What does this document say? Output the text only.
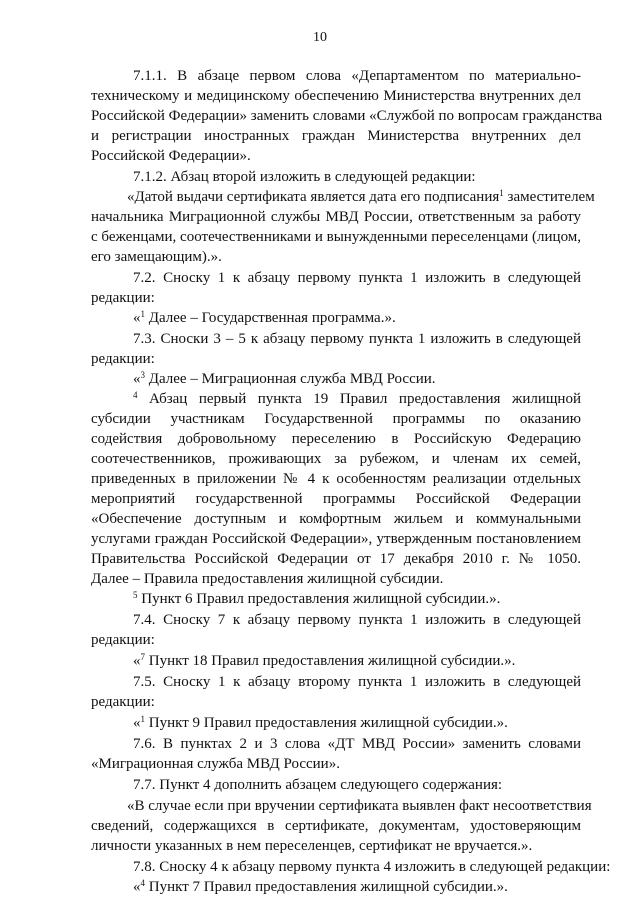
10
7.1.1. В абзаце первом слова «Департаментом по материально-
техническому и медицинскому обеспечению Министерства внутренних дел
Российской Федерации» заменить словами «Службой по вопросам гражданства
и регистрации иностранных граждан Министерства внутренних дел
Российской Федерации».
7.1.2. Абзац второй изложить в следующей редакции:
«Датой выдачи сертификата является дата его подписания$^1$ заместителем
начальника Миграционной службы МВД России, ответственным за работу
с беженцами, соотечественниками и вынужденными переселенцами (лицом,
его замещающим).».
7.2. Сноску 1 к абзацу первому пункта 1 изложить в следующей
редакции:
«$^1$ Далее – Государственная программа.».
7.3. Сноски 3 – 5 к абзацу первому пункта 1 изложить в следующей
редакции:
«$^3$ Далее – Миграционная служба МВД России.
$^4$ Абзац первый пункта 19 Правил предоставления жилищной
субсидии участникам Государственной программы по оказанию
содействия добровольному переселению в Российскую Федерацию
соотечественников, проживающих за рубежом, и членам их семей,
приведенных в приложении № 4 к особенностям реализации отдельных
мероприятий государственной программы Российской Федерации
«Обеспечение доступным и комфортным жильем и коммунальными
услугами граждан Российской Федерации», утвержденным постановлением
Правительства Российской Федерации от 17 декабря 2010 г. № 1050.
Далее – Правила предоставления жилищной субсидии.
$^5$ Пункт 6 Правил предоставления жилищной субсидии.».
7.4. Сноску 7 к абзацу первому пункта 1 изложить в следующей
редакции:
«$^7$ Пункт 18 Правил предоставления жилищной субсидии.».
7.5. Сноску 1 к абзацу второму пункта 1 изложить в следующей
редакции:
«$^1$ Пункт 9 Правил предоставления жилищной субсидии.».
7.6. В пунктах 2 и 3 слова «ДТ МВД России» заменить словами
«Миграционная служба МВД России».
7.7. Пункт 4 дополнить абзацем следующего содержания:
«В случае если при вручении сертификата выявлен факт несоответствия
сведений, содержащихся в сертификате, документам, удостоверяющим
личности указанных в нем переселенцев, сертификат не вручается.».
7.8. Сноску 4 к абзацу первому пункта 4 изложить в следующей редакции:
«$^4$ Пункт 7 Правил предоставления жилищной субсидии.».
